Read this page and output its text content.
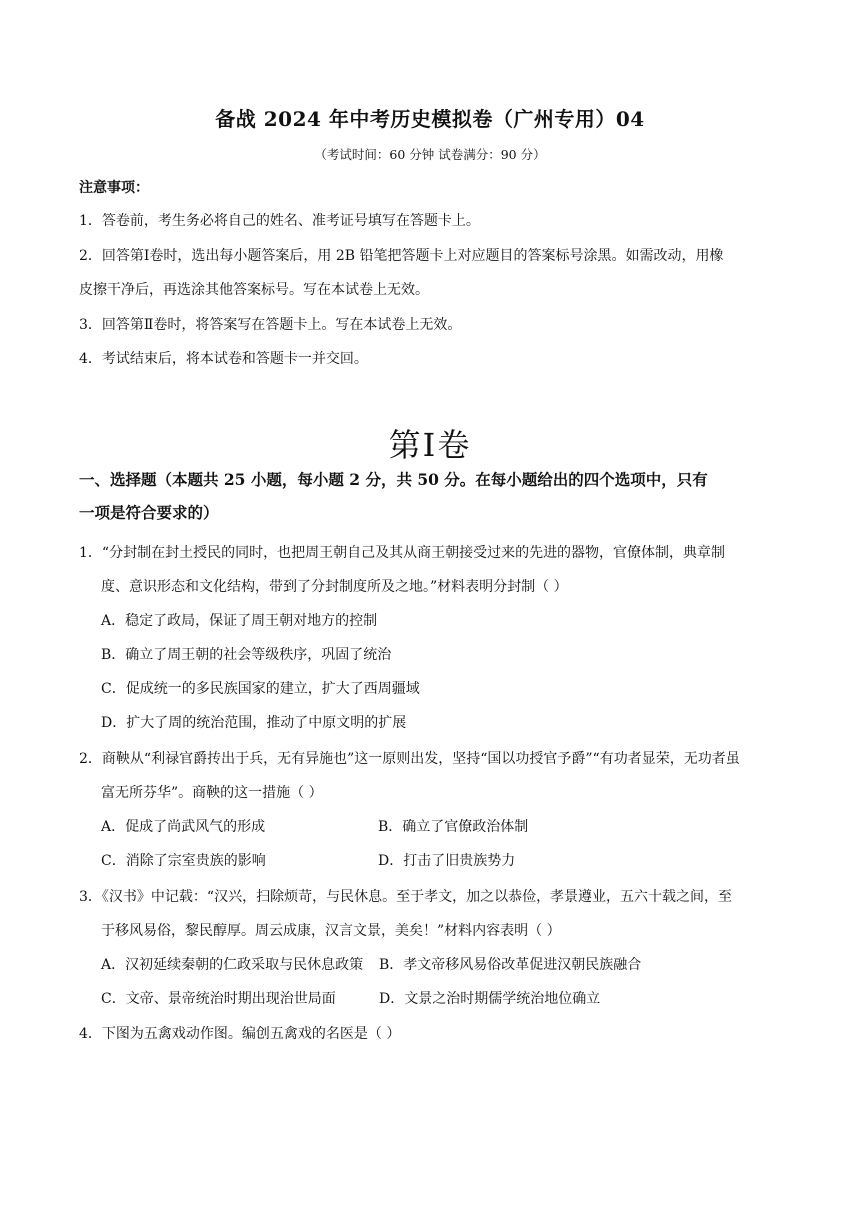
备战 2024 年中考历史模拟卷（广州专用）04
（考试时间：60 分钟 试卷满分：90 分）
注意事项：
1．答卷前，考生务必将自己的姓名、准考证号填写在答题卡上。
2．回答第Ⅰ卷时，选出每小题答案后，用 2B 铅笔把答题卡上对应题目的答案标号涂黑。如需改动，用橡
皮擦干净后，再选涂其他答案标号。写在本试卷上无效。
3．回答第Ⅱ卷时，将答案写在答题卡上。写在本试卷上无效。
4．考试结束后，将本试卷和答题卡一并交回。
第Ⅰ卷
一、选择题（本题共 25 小题，每小题 2 分，共 50 分。在每小题给出的四个选项中，只有
一项是符合要求的）
1．“分封制在封土授民的同时，也把周王朝自己及其从商王朝接受过来的先进的器物，官僚体制，典章制
度、意识形态和文化结构，带到了分封制度所及之地。”材料表明分封制（ ）
A．稳定了政局，保证了周王朝对地方的控制
B．确立了周王朝的社会等级秩序，巩固了统治
C．促成统一的多民族国家的建立，扩大了西周疆域
D．扩大了周的统治范围，推动了中原文明的扩展
2．商鞅从“利禄官爵抟出于兵，无有异施也”这一原则出发，坚持“国以功授官予爵”“有功者显荣，无功者虽
富无所芬华”。商鞅的这一措施（ ）
A．促成了尚武风气的形成	B．确立了官僚政治体制
C．消除了宗室贵族的影响	D．打击了旧贵族势力
3．《汉书》中记载：“汉兴，扫除烦苛，与民休息。至于孝文，加之以恭俭，孝景遵业，五六十载之间，至
于移风易俗，黎民醇厚。周云成康，汉言文景，美矣！”材料内容表明（ ）
A．汉初延续秦朝的仁政采取与民休息政策 B．孝文帝移风易俗改革促进汉朝民族融合
C．文帝、景帝统治时期出现治世局面	D．文景之治时期儒学统治地位确立
4．下图为五禽戏动作图。编创五禽戏的名医是（ ）
